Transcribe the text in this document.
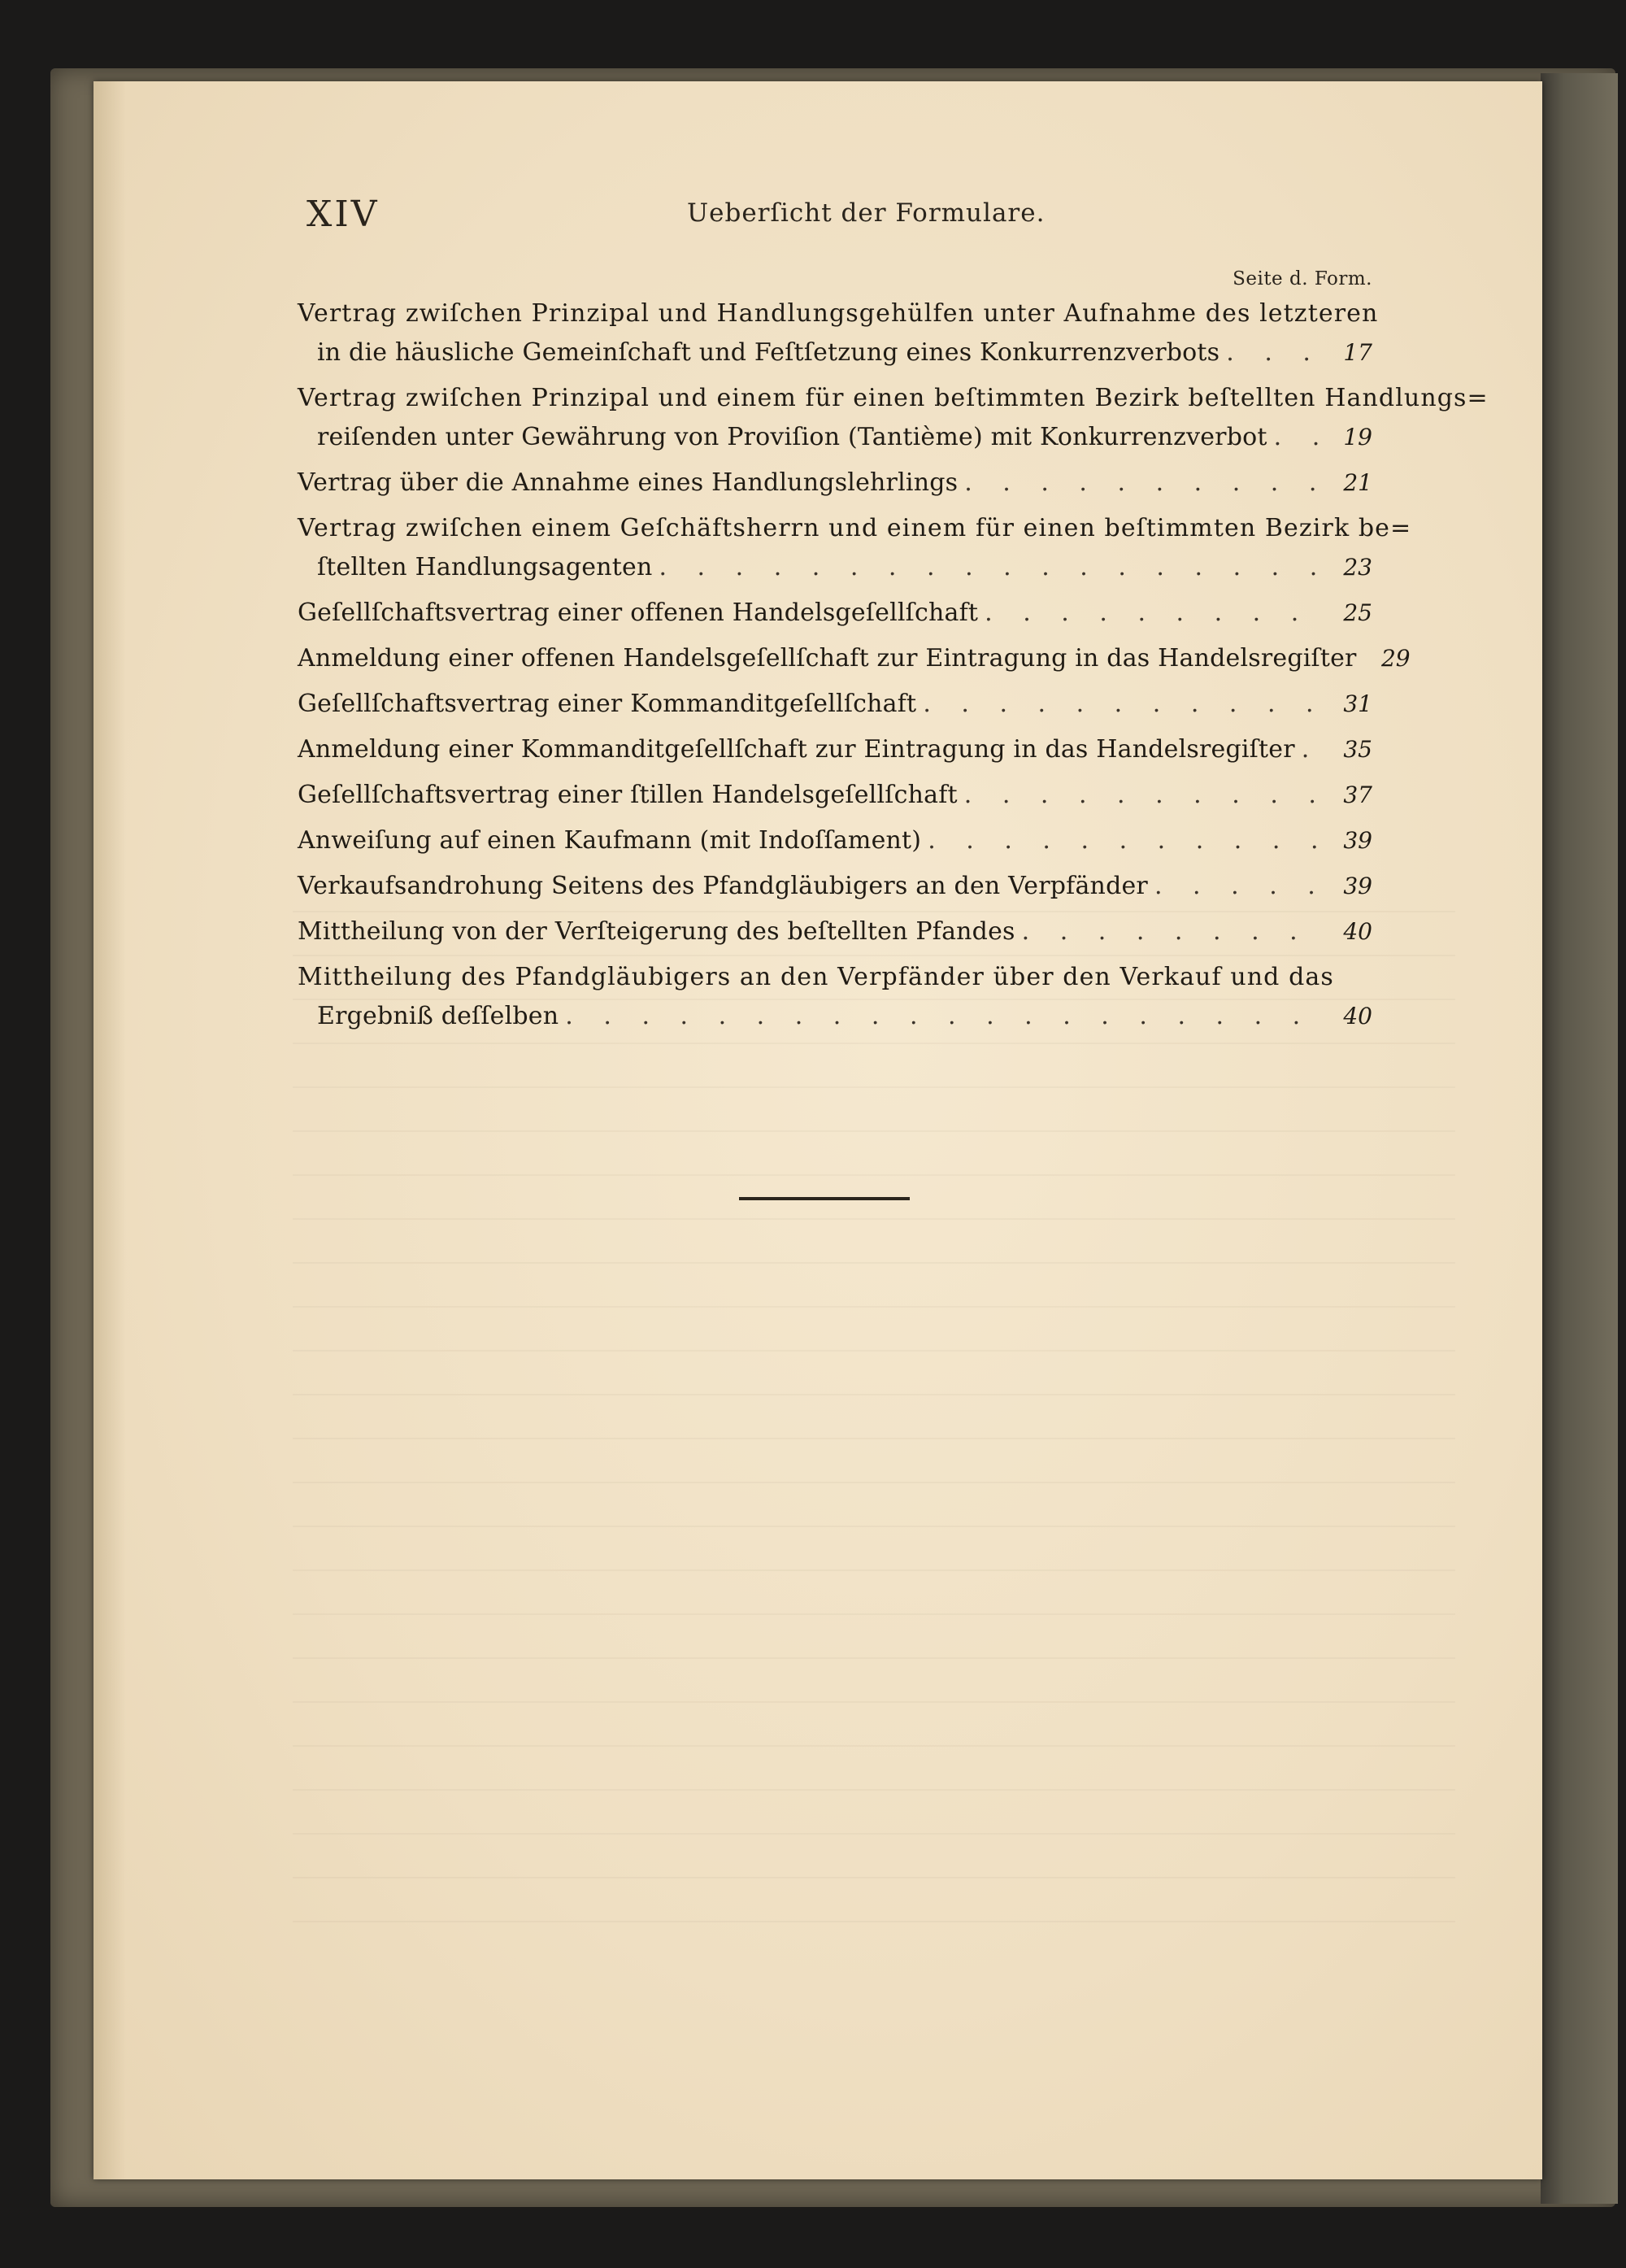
XIV	Ueberſicht der Formulare.
Seite d. Form.
Vertrag zwiſchen Prinzipal und Handlungsgehülfen unter Aufnahme des letzteren
in die häusliche Gemeinſchaft und Feſtſetzung eines Konkurrenzverbots . . .	17
Vertrag zwiſchen Prinzipal und einem für einen beſtimmten Bezirk beſtellten Handlungs=
reiſenden unter Gewährung von Proviſion (Tantième) mit Konkurrenzverbot . . .	19
Vertrag über die Annahme eines Handlungslehrlings . . .	21
Vertrag zwiſchen einem Geſchäftsherrn und einem für einen beſtimmten Bezirk be=
ſtellten Handlungsagenten . . .	23
Geſellſchaftsvertrag einer offenen Handelsgeſellſchaft . . .	25
Anmeldung einer offenen Handelsgeſellſchaft zur Eintragung in das Handelsregiſter	29
Geſellſchaftsvertrag einer Kommanditgeſellſchaft . . .	31
Anmeldung einer Kommanditgeſellſchaft zur Eintragung in das Handelsregiſter . . .	35
Geſellſchaftsvertrag einer ſtillen Handelsgeſellſchaft . . .	37
Anweiſung auf einen Kaufmann (mit Indoſſament) . . .	39
Verkaufsandrohung Seitens des Pfandgläubigers an den Verpfänder . . .	39
Mittheilung von der Verſteigerung des beſtellten Pfandes . . .	40
Mittheilung des Pfandgläubigers an den Verpfänder über den Verkauf und das
Ergebniß deſſelben . . .	40
